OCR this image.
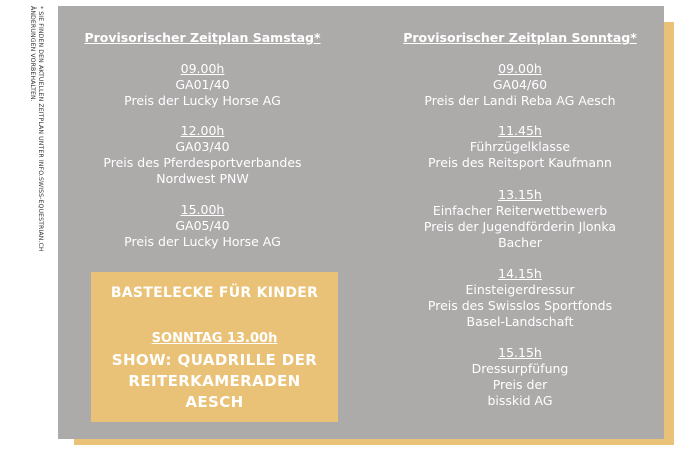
* SIE FINDEN DEN AKTUELLEN ZEITPLAN UNTER INFO.SWISS-EQUESTRIAN.CH
ÄNDERUNGEN VORBEHALTEN.	Provisorischer Zeitplan Samstag*
09.00h
GA01/40
Preis der Lucky Horse AG
12.00h
GA03/40
Preis des Pferdesportverbandes
Nordwest PNW
15.00h
GA05/40
Preis der Lucky Horse AG
Provisorischer Zeitplan Sonntag*
09.00h
GA04/60
Preis der Landi Reba AG Aesch
11.45h
Führzügelklasse
Preis des Reitsport Kaufmann
13.15h
Einfacher Reiterwettbewerb
Preis der Jugendförderin Jlonka
Bacher
14.15h
Einsteigerdressur
Preis des Swisslos Sportfonds
Basel-Landschaft
15.15h
Dressurpfüfung
Preis der
bisskid AG
BASTELECKE FÜR KINDER
SONNTAG 13.00h
SHOW: QUADRILLE DER
REITERKAMERADEN
AESCH
